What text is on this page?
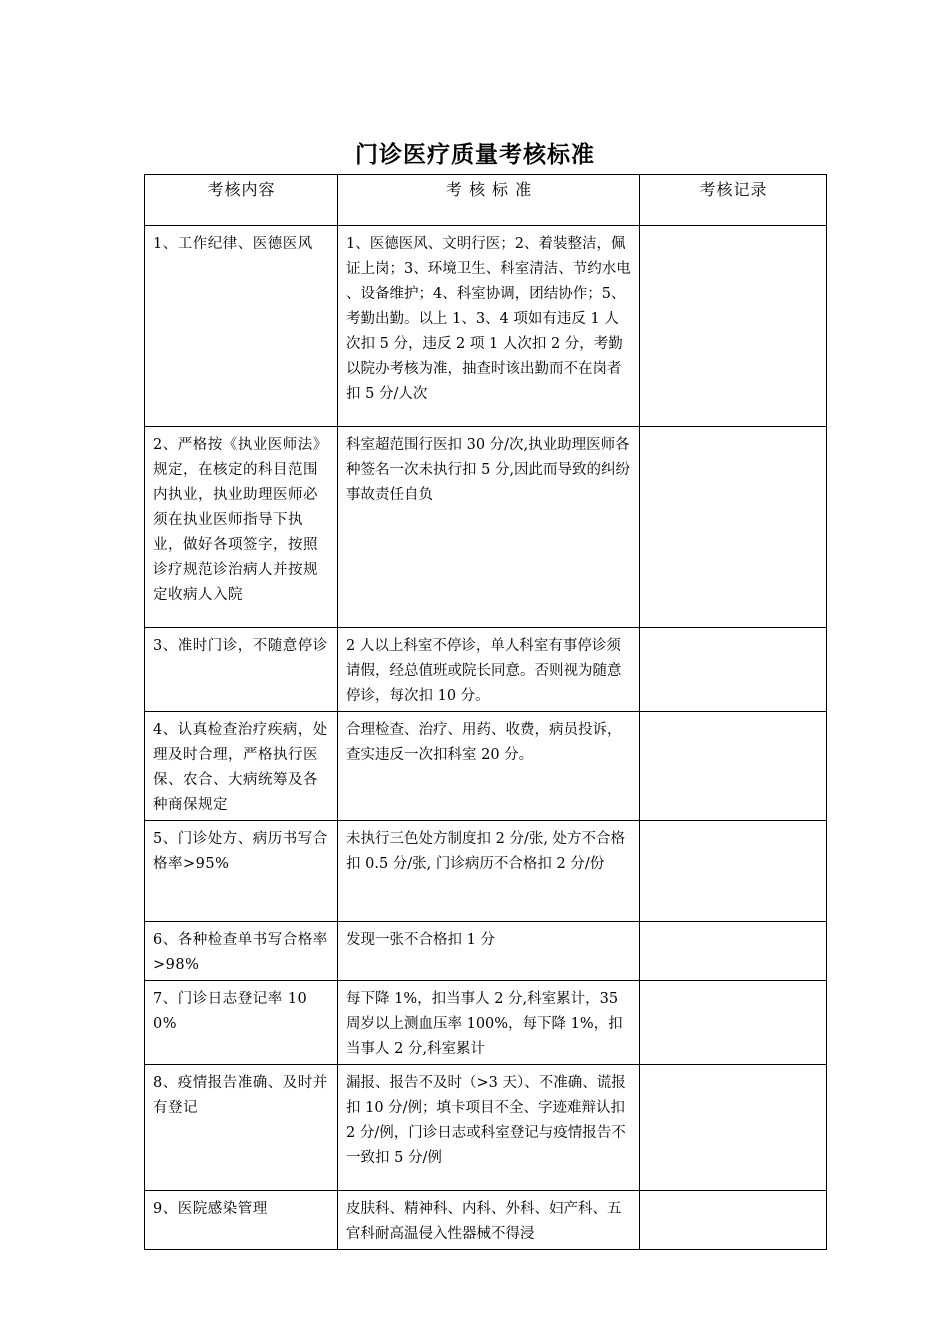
门诊医疗质量考核标准
考核内容	考 核 标 准	考核记录
1、工作纪律、医德医风	1、医德医风、文明行医；2、着装整洁，佩证上岗；3、环境卫生、科室清洁、节约水电 、设备维护；4、科室协调，团结协作；5、考勤出勤。以上 1、3、4 项如有违反 1 人次扣 5 分，违反 2 项 1 人次扣 2 分，考勤以院办考核为准，抽查时该出勤而不在岗者扣 5 分/人次	
2、严格按《执业医师法》规定，在核定的科目范围内执业，执业助理医师必须在执业医师指导下执业，做好各项签字，按照诊疗规范诊治病人并按规定收病人入院	科室超范围行医扣 30 分/次,执业助理医师各种签名一次未执行扣 5 分,因此而导致的纠纷事故责任自负	
3、准时门诊，不随意停诊	2 人以上科室不停诊，单人科室有事停诊须请假，经总值班或院长同意。否则视为随意停诊，每次扣 10 分。	
4、认真检查治疗疾病，处理及时合理，严格执行医保、农合、大病统筹及各种商保规定	合理检查、治疗、用药、收费，病员投诉，查实违反一次扣科室 20 分。	
5、门诊处方、病历书写合格率>95%	未执行三色处方制度扣 2 分/张, 处方不合格扣 0.5 分/张, 门诊病历不合格扣 2 分/份	
6、各种检查单书写合格率 >98%	发现一张不合格扣 1 分	
7、门诊日志登记率 100%	每下降 1%，扣当事人 2 分,科室累计，35 周岁以上测血压率 100%，每下降 1%，扣当事人 2 分,科室累计	
8、疫情报告准确、及时并有登记	漏报、报告不及时（>3 天）、不准确、谎报扣 10 分/例；填卡项目不全、字迹难辩认扣 2 分/例，门诊日志或科室登记与疫情报告不一致扣 5 分/例	
9、医院感染管理	皮肤科、精神科、内科、外科、妇产科、五官科耐高温侵入性器械不得浸	
